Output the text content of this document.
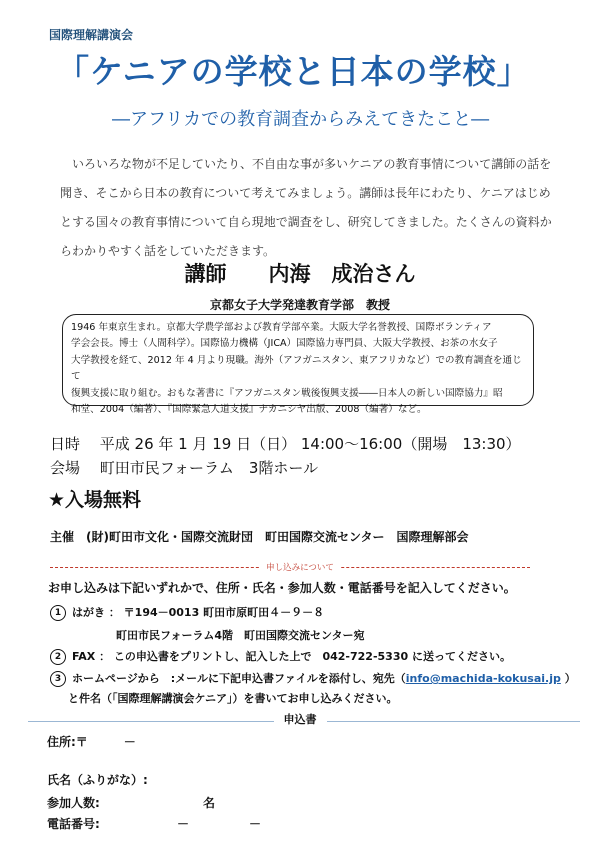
国際理解講演会
「ケニアの学校と日本の学校」
―アフリカでの教育調査からみえてきたこと―
いろいろな物が不足していたり、不自由な事が多いケニアの教育事情について講師の話を聞き、そこから日本の教育について考えてみましょう。講師は長年にわたり、ケニアはじめとする国々の教育事情について自ら現地で調査をし、研究してきました。たくさんの資料からわかりやすく話をしていただきます。
講師　　内海　成治さん
京都女子大学発達教育学部　教授
1946 年東京生まれ。京都大学農学部および教育学部卒業。大阪大学名誉教授、国際ボランティア
学会会長。博士（人間科学）。国際協力機構（JICA）国際協力専門員、大阪大学教授、お茶の水女子
大学教授を経て、2012 年 4 月より現職。海外（アフガニスタン、東アフリカなど）での教育調査を通じて
復興支援に取り組む。おもな著書に『アフガニスタン戦後復興支援――日本人の新しい国際協力』昭
和堂、2004（編著）、『国際緊急人道支援』ナカニシヤ出版、2008（編著）など。
日時　 平成 26 年 1 月 19 日（日） 14:00～16:00（開場　13:30）
会場　 町田市民フォーラム　3階ホール
★入場無料
主催　(財)町田市文化・国際交流財団　町田国際交流センター　国際理解部会
申し込みについて
お申し込みは下記いずれかで、住所・氏名・参加人数・電話番号を記入してください。
1 はがき ： 〒194－0013 町田市原町田４－９－８
町田市民フォーラム4階　町田国際交流センター宛
2 FAX ： この申込書をプリントし、記入した上で　042-722-5330 に送ってください。
3 ホームページから　:メールに下記申込書ファイルを添付し、宛先（info@machida-kokusai.jp ）
と件名（「国際理解講演会ケニア」）を書いてお申し込みください。
申込書
住所:〒　　　－
氏名（ふりがな）:
参加人数:	名
電話番号:	－　　　　　－
